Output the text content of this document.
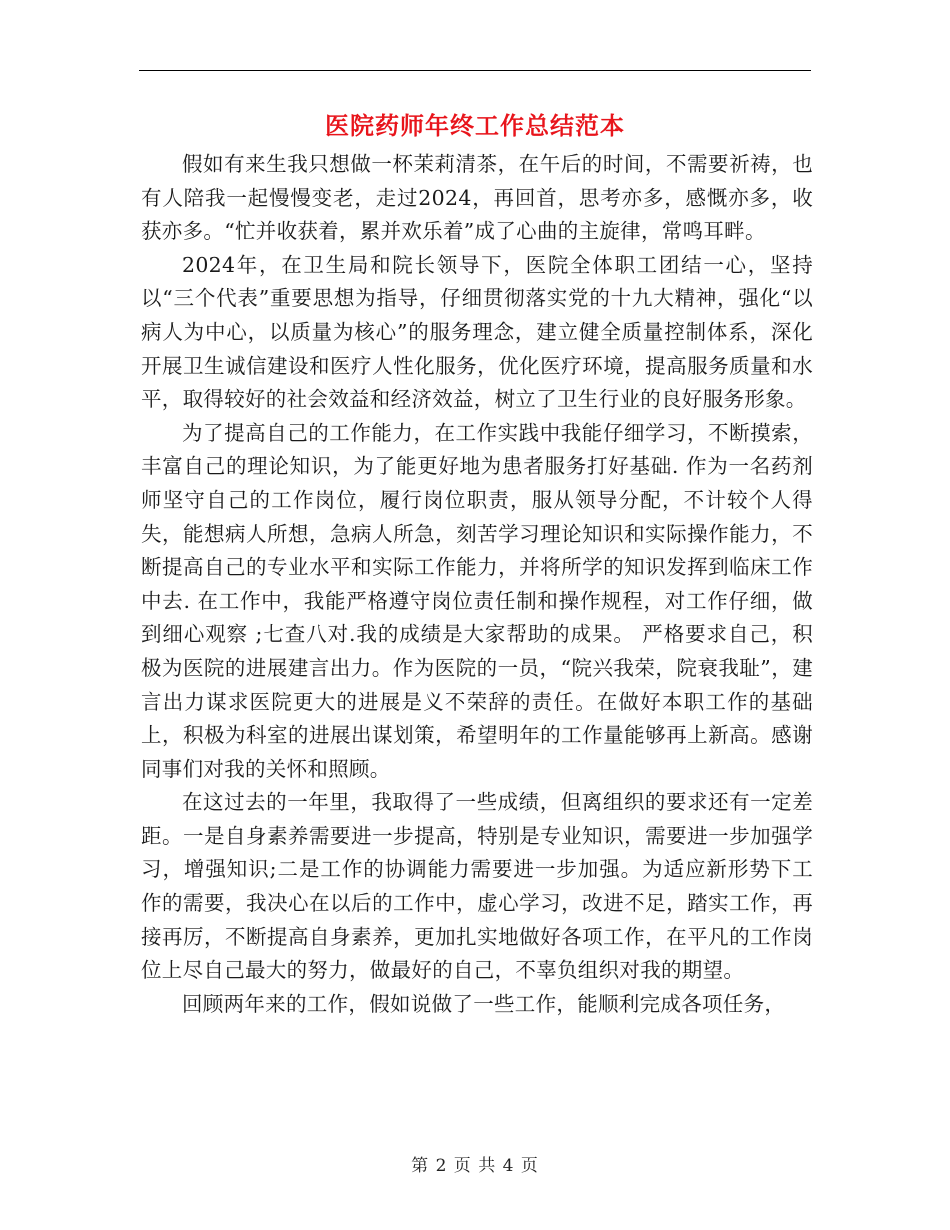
医院药师年终工作总结范本

假如有来生我只想做一杯茉莉清茶，在午后的时间，不需要祈祷，也有人陪我一起慢慢变老，走过2024，再回首，思考亦多，感慨亦多，收获亦多。“忙并收获着，累并欢乐着”成了心曲的主旋律，常鸣耳畔。

2024年，在卫生局和院长领导下，医院全体职工团结一心，坚持以“三个代表”重要思想为指导，仔细贯彻落实党的十九大精神，强化“以病人为中心，以质量为核心”的服务理念，建立健全质量控制体系，深化开展卫生诚信建设和医疗人性化服务，优化医疗环境，提高服务质量和水平，取得较好的社会效益和经济效益，树立了卫生行业的良好服务形象。

为了提高自己的工作能力，在工作实践中我能仔细学习，不断摸索，丰富自己的理论知识，为了能更好地为患者服务打好基础. 作为一名药剂师坚守自己的工作岗位，履行岗位职责，服从领导分配，不计较个人得失，能想病人所想，急病人所急，刻苦学习理论知识和实际操作能力，不断提高自己的专业水平和实际工作能力，并将所学的知识发挥到临床工作中去. 在工作中，我能严格遵守岗位责任制和操作规程，对工作仔细，做到细心观察 ;七查八对.我的成绩是大家帮助的成果。 严格要求自己，积极为医院的进展建言出力。作为医院的一员，“院兴我荣，院衰我耻”，建言出力谋求医院更大的进展是义不荣辞的责任。在做好本职工作的基础上，积极为科室的进展出谋划策，希望明年的工作量能够再上新高。感谢同事们对我的关怀和照顾。

在这过去的一年里，我取得了一些成绩，但离组织的要求还有一定差距。一是自身素养需要进一步提高，特别是专业知识，需要进一步加强学习，增强知识;二是工作的协调能力需要进一步加强。为适应新形势下工作的需要，我决心在以后的工作中，虚心学习，改进不足，踏实工作，再接再厉，不断提高自身素养，更加扎实地做好各项工作，在平凡的工作岗位上尽自己最大的努力，做最好的自己，不辜负组织对我的期望。

回顾两年来的工作，假如说做了一些工作，能顺利完成各项任务，

第 2 页 共 4 页
